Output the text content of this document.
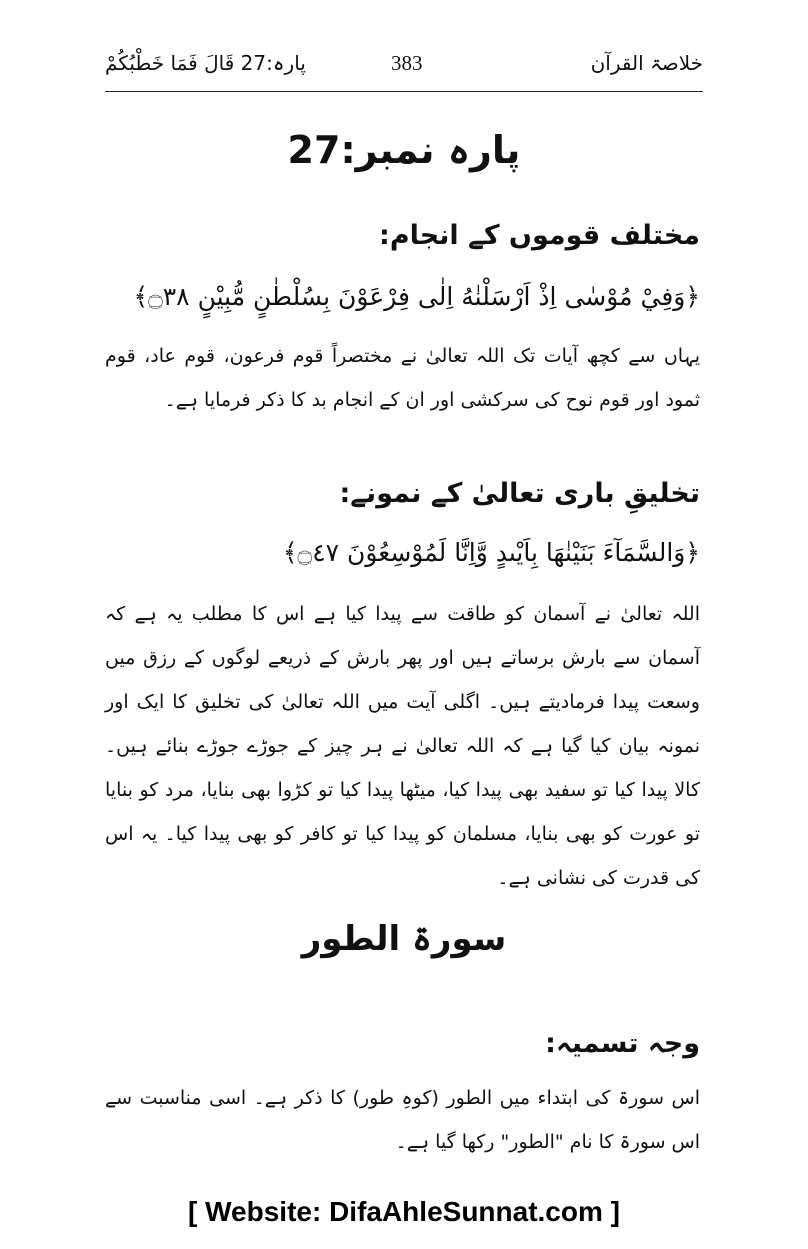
خلاصۃ القرآن
383
پارہ:27 قَالَ فَمَا خَطْبُكُمْ
پارہ نمبر:27
مختلف قوموں کے انجام:
﴿وَفِيْ مُوْسٰى اِذْ اَرْسَلْنٰهُ اِلٰى فِرْعَوْنَ بِسُلْطٰنٍ مُّبِيْنٍ ۝٣٨﴾
یہاں سے کچھ آیات تک اللہ تعالیٰ نے مختصراً قوم فرعون، قوم عاد، قوم ثمود اور قوم نوح کی سرکشی اور ان کے انجام بد کا ذکر فرمایا ہے۔
تخلیقِ باری تعالیٰ کے نمونے:
﴿وَالسَّمَآءَ بَنَيْنٰهَا بِاَيْىدٍ وَّاِنَّا لَمُوْسِعُوْنَ ۝٤٧﴾
اللہ تعالیٰ نے آسمان کو طاقت سے پیدا کیا ہے اس کا مطلب یہ ہے کہ آسمان سے بارش برساتے ہیں اور پھر بارش کے ذریعے لوگوں کے رزق میں وسعت پیدا فرمادیتے ہیں۔ اگلی آیت میں اللہ تعالیٰ کی تخلیق کا ایک اور نمونہ بیان کیا گیا ہے کہ اللہ تعالیٰ نے ہر چیز کے جوڑے جوڑے بنائے ہیں۔ کالا پیدا کیا تو سفید بھی پیدا کیا، میٹھا پیدا کیا تو کڑوا بھی بنایا، مرد کو بنایا تو عورت کو بھی بنایا، مسلمان کو پیدا کیا تو کافر کو بھی پیدا کیا۔ یہ اس کی قدرت کی نشانی ہے۔
سورۃ الطور
وجہ تسمیہ:
اس سورۃ کی ابتداء میں الطور (کوہِ طور) کا ذکر ہے۔ اسی مناسبت سے اس سورۃ کا نام "الطور" رکھا گیا ہے۔
[ Website: DifaAhleSunnat.com ]
